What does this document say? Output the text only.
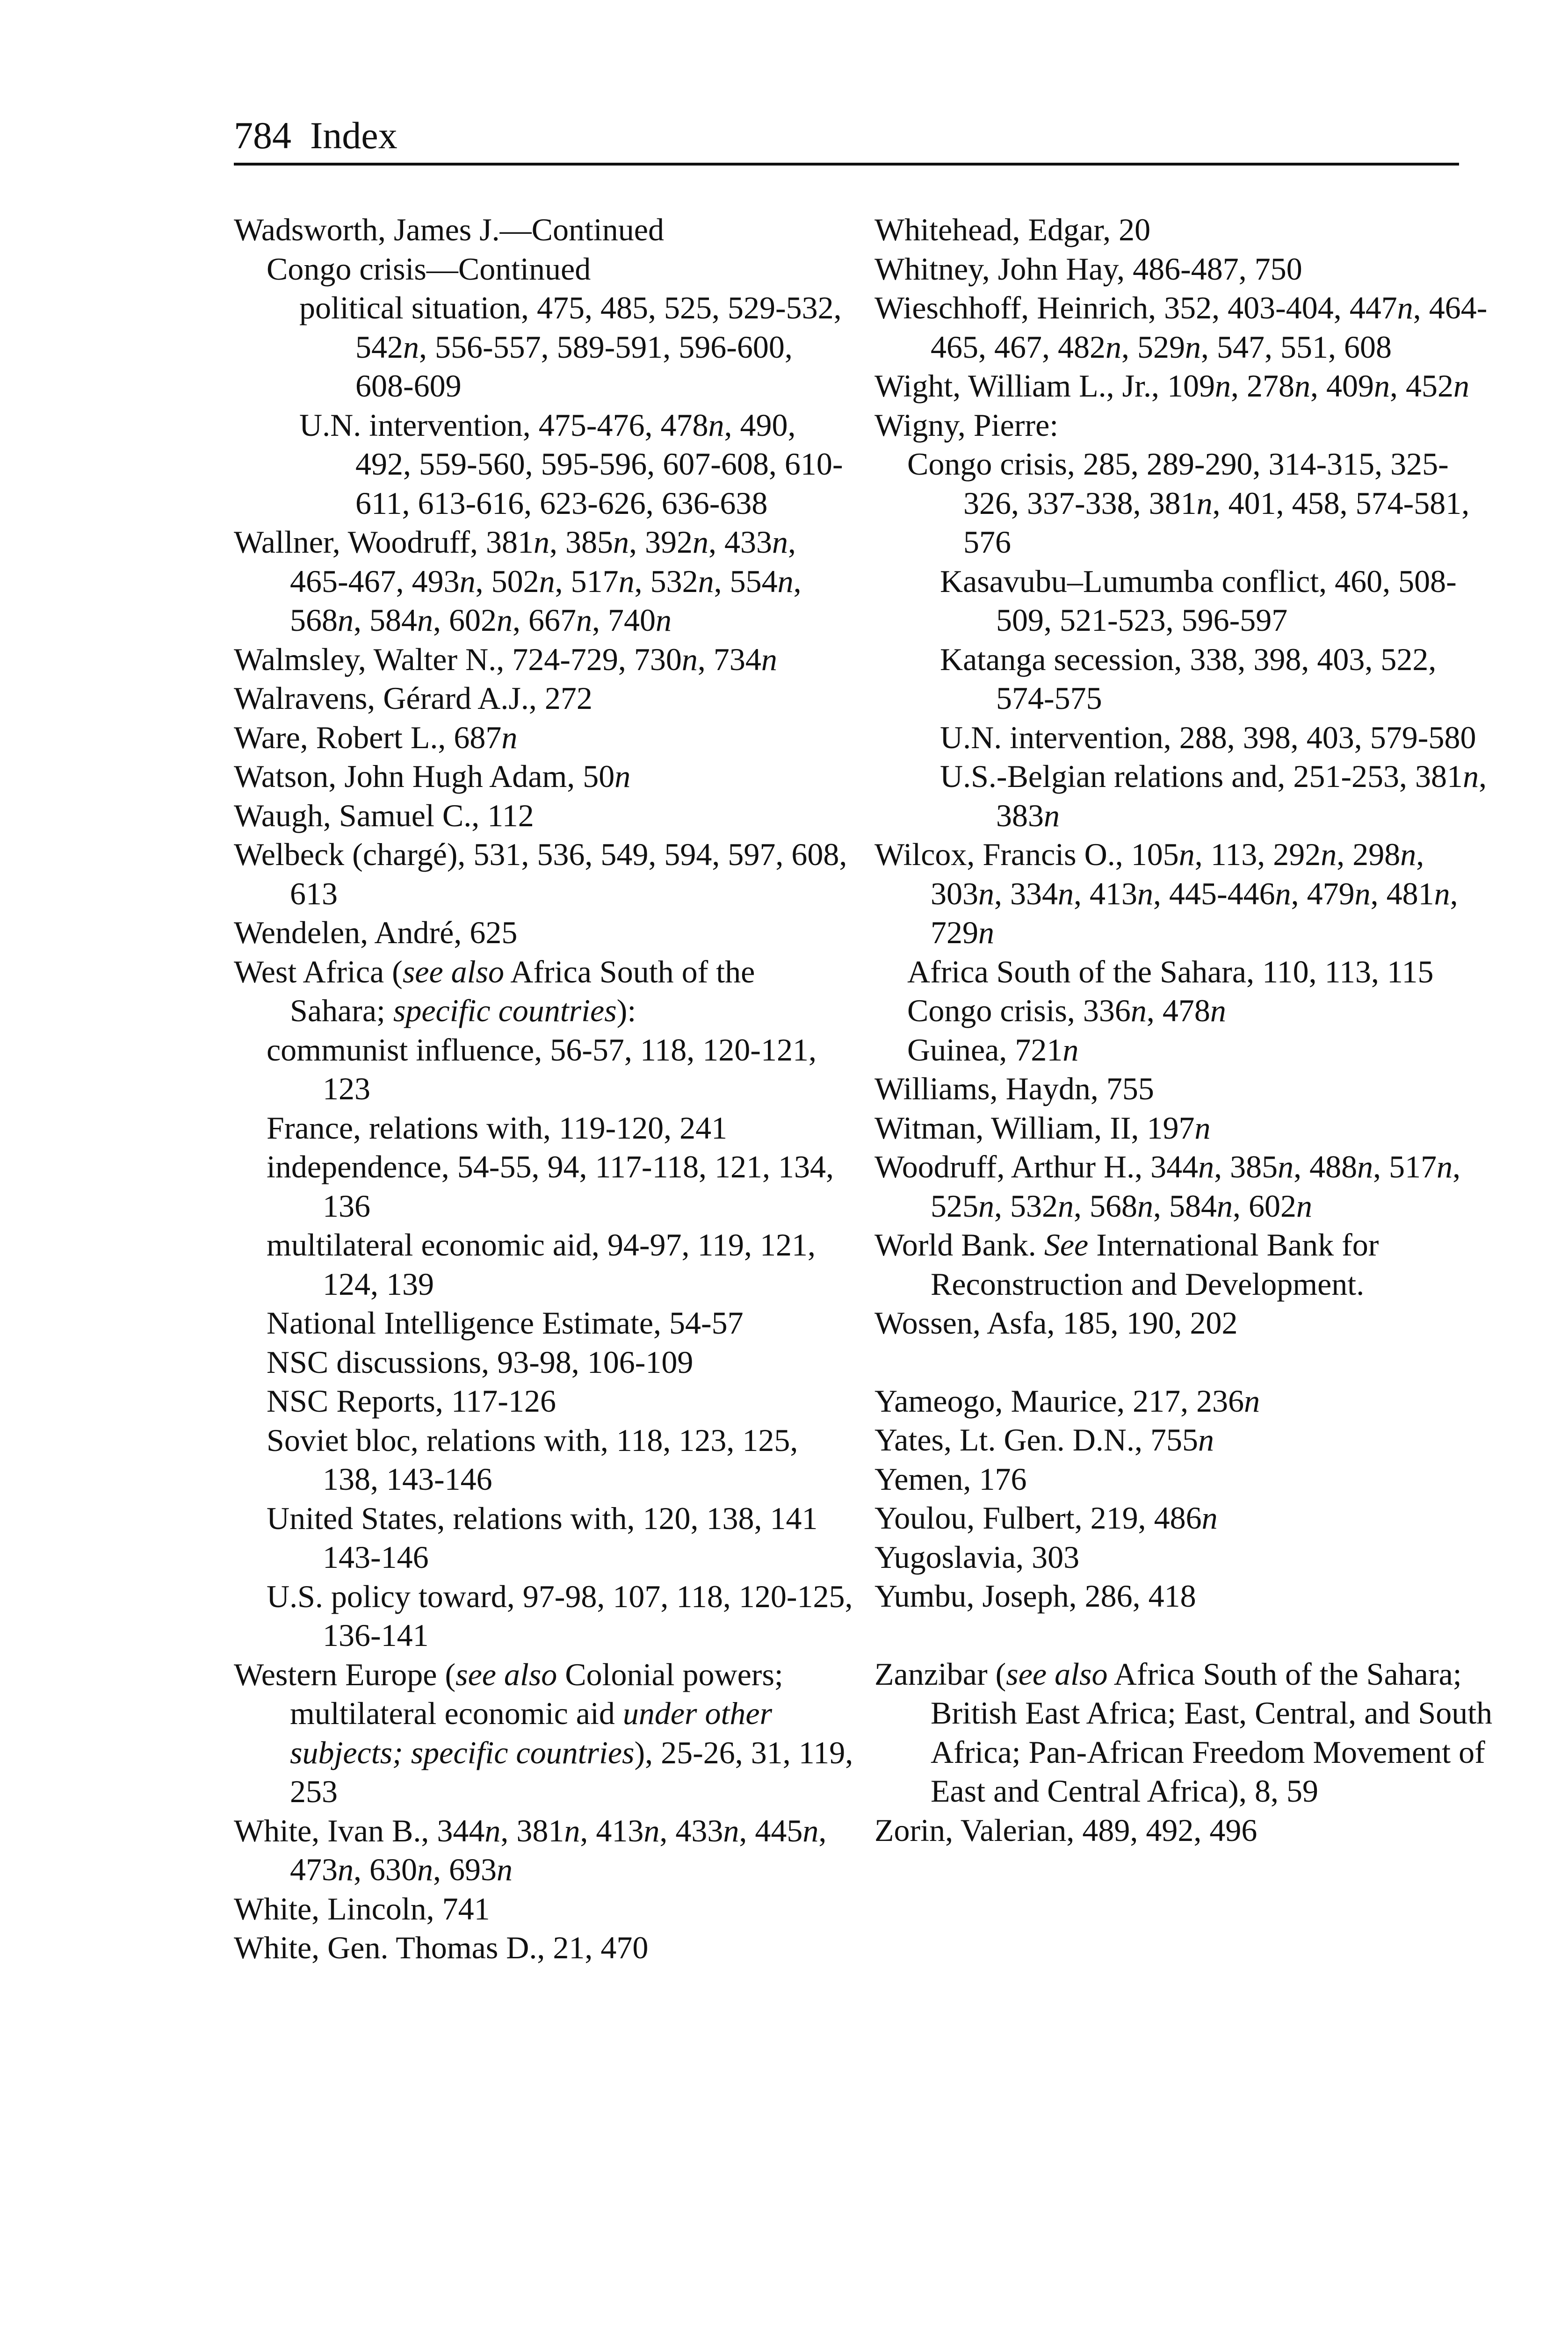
784 Index
Wadsworth, James J.—Continued
Congo crisis—Continued
political situation, 475, 485, 525, 529-532, 542n, 556-557, 589-591, 596-600, 608-609
U.N. intervention, 475-476, 478n, 490, 492, 559-560, 595-596, 607-608, 610-611, 613-616, 623-626, 636-638
Wallner, Woodruff, 381n, 385n, 392n, 433n, 465-467, 493n, 502n, 517n, 532n, 554n, 568n, 584n, 602n, 667n, 740n
Walmsley, Walter N., 724-729, 730n, 734n
Walravens, Gérard A.J., 272
Ware, Robert L., 687n
Watson, John Hugh Adam, 50n
Waugh, Samuel C., 112
Welbeck (chargé), 531, 536, 549, 594, 597, 608, 613
Wendelen, André, 625
West Africa (see also Africa South of the Sahara; specific countries):
communist influence, 56-57, 118, 120-121, 123
France, relations with, 119-120, 241
independence, 54-55, 94, 117-118, 121, 134, 136
multilateral economic aid, 94-97, 119, 121, 124, 139
National Intelligence Estimate, 54-57
NSC discussions, 93-98, 106-109
NSC Reports, 117-126
Soviet bloc, relations with, 118, 123, 125, 138, 143-146
United States, relations with, 120, 138, 141 143-146
U.S. policy toward, 97-98, 107, 118, 120-125, 136-141
Western Europe (see also Colonial powers; multilateral economic aid under other subjects; specific countries), 25-26, 31, 119, 253
White, Ivan B., 344n, 381n, 413n, 433n, 445n, 473n, 630n, 693n
White, Lincoln, 741
White, Gen. Thomas D., 21, 470
Whitehead, Edgar, 20
Whitney, John Hay, 486-487, 750
Wieschhoff, Heinrich, 352, 403-404, 447n, 464-465, 467, 482n, 529n, 547, 551, 608
Wight, William L., Jr., 109n, 278n, 409n, 452n
Wigny, Pierre:
Congo crisis, 285, 289-290, 314-315, 325-326, 337-338, 381n, 401, 458, 574-581, 576
Kasavubu–Lumumba conflict, 460, 508-509, 521-523, 596-597
Katanga secession, 338, 398, 403, 522, 574-575
U.N. intervention, 288, 398, 403, 579-580
U.S.-Belgian relations and, 251-253, 381n, 383n
Wilcox, Francis O., 105n, 113, 292n, 298n, 303n, 334n, 413n, 445-446n, 479n, 481n, 729n
Africa South of the Sahara, 110, 113, 115
Congo crisis, 336n, 478n
Guinea, 721n
Williams, Haydn, 755
Witman, William, II, 197n
Woodruff, Arthur H., 344n, 385n, 488n, 517n, 525n, 532n, 568n, 584n, 602n
World Bank. See International Bank for Reconstruction and Development.
Wossen, Asfa, 185, 190, 202
Yameogo, Maurice, 217, 236n
Yates, Lt. Gen. D.N., 755n
Yemen, 176
Youlou, Fulbert, 219, 486n
Yugoslavia, 303
Yumbu, Joseph, 286, 418
Zanzibar (see also Africa South of the Sahara; British East Africa; East, Central, and South Africa; Pan-African Freedom Movement of East and Central Africa), 8, 59
Zorin, Valerian, 489, 492, 496
